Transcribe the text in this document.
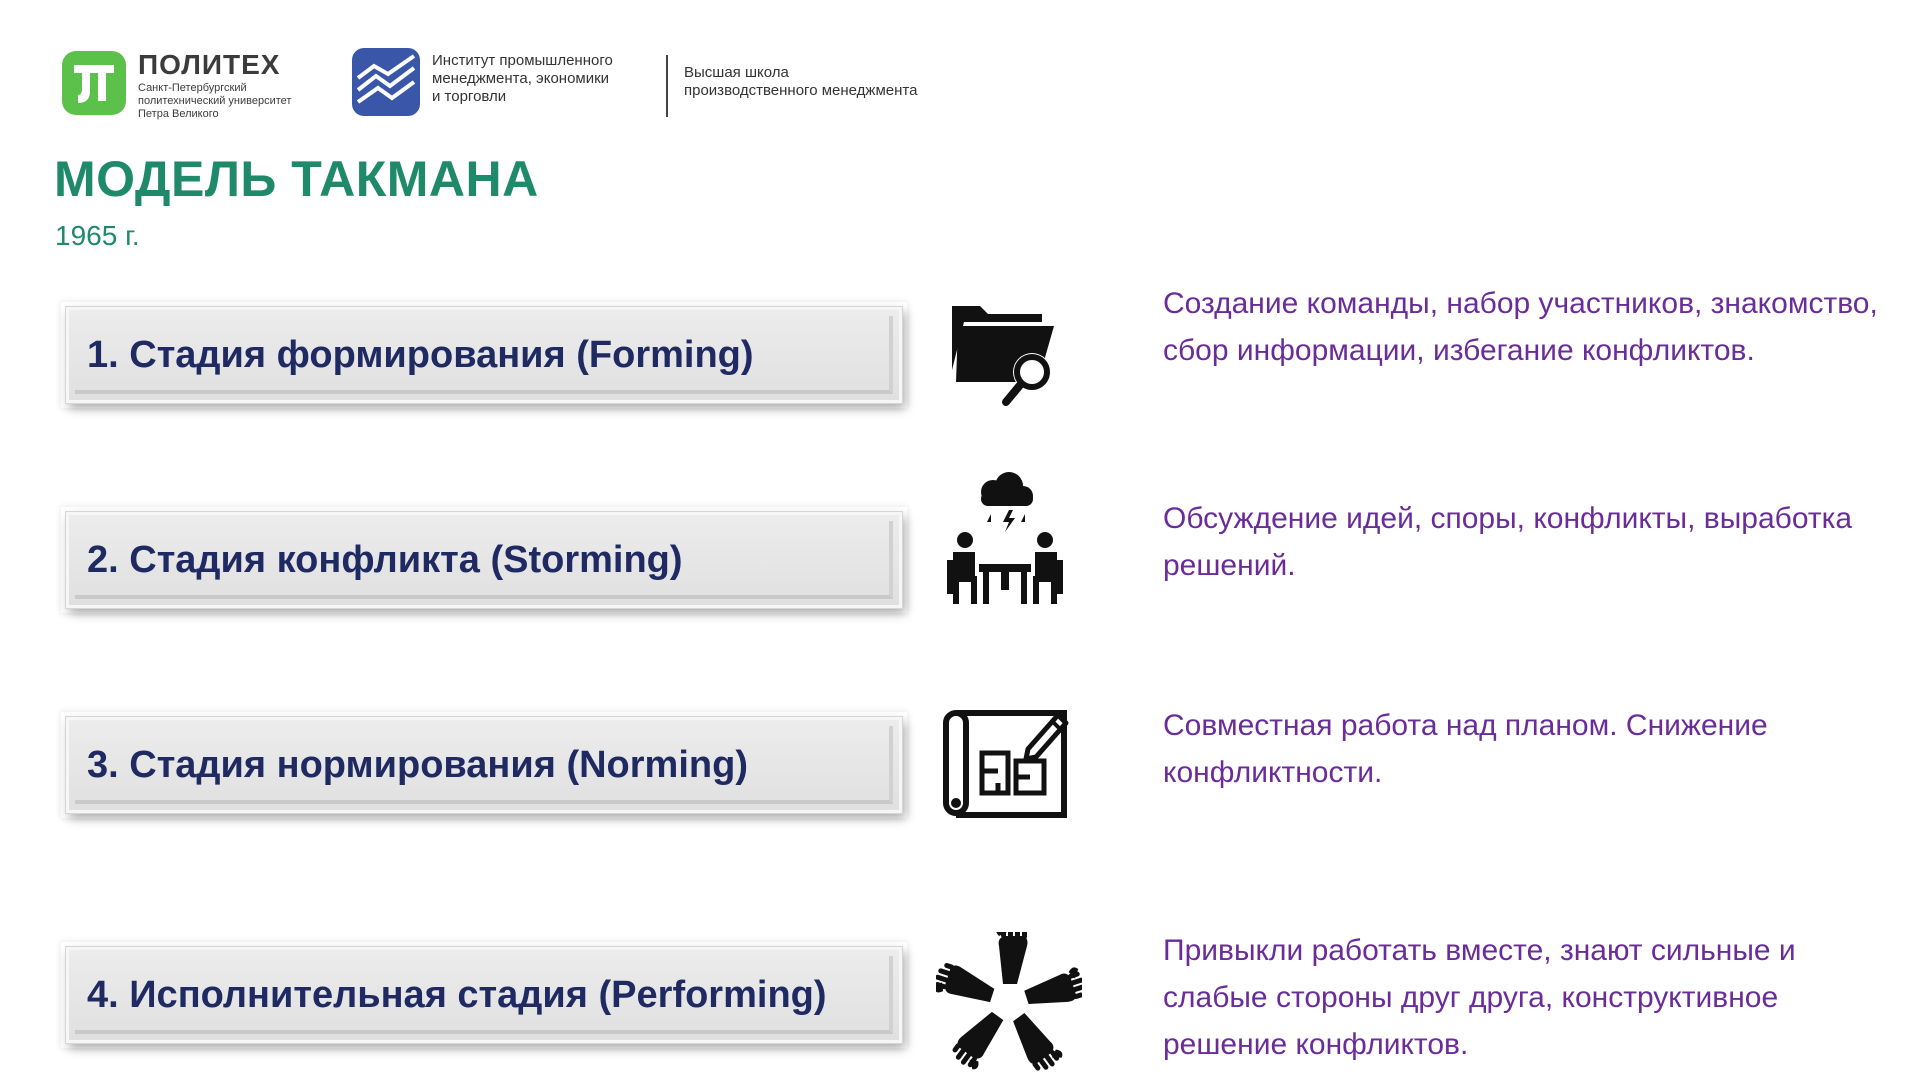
ПОЛИТЕХ
Санкт-Петербургский
политехнический университет
Петра Великого
Институт промышленного
менеджмента, экономики
и торговли
Высшая школа
производственного менеджмента
МОДЕЛЬ ТАКМАНА
1965 г.
1. Стадия формирования (Forming)
Создание команды, набор участников, знакомство, сбор информации, избегание конфликтов.
2. Стадия конфликта (Storming)
Обсуждение идей, споры, конфликты, выработка решений.
3. Стадия нормирования (Norming)
Совместная работа над планом. Снижение конфликтности.
4. Исполнительная стадия (Performing)
Привыкли работать вместе, знают сильные и слабые стороны друг друга, конструктивное решение конфликтов.
